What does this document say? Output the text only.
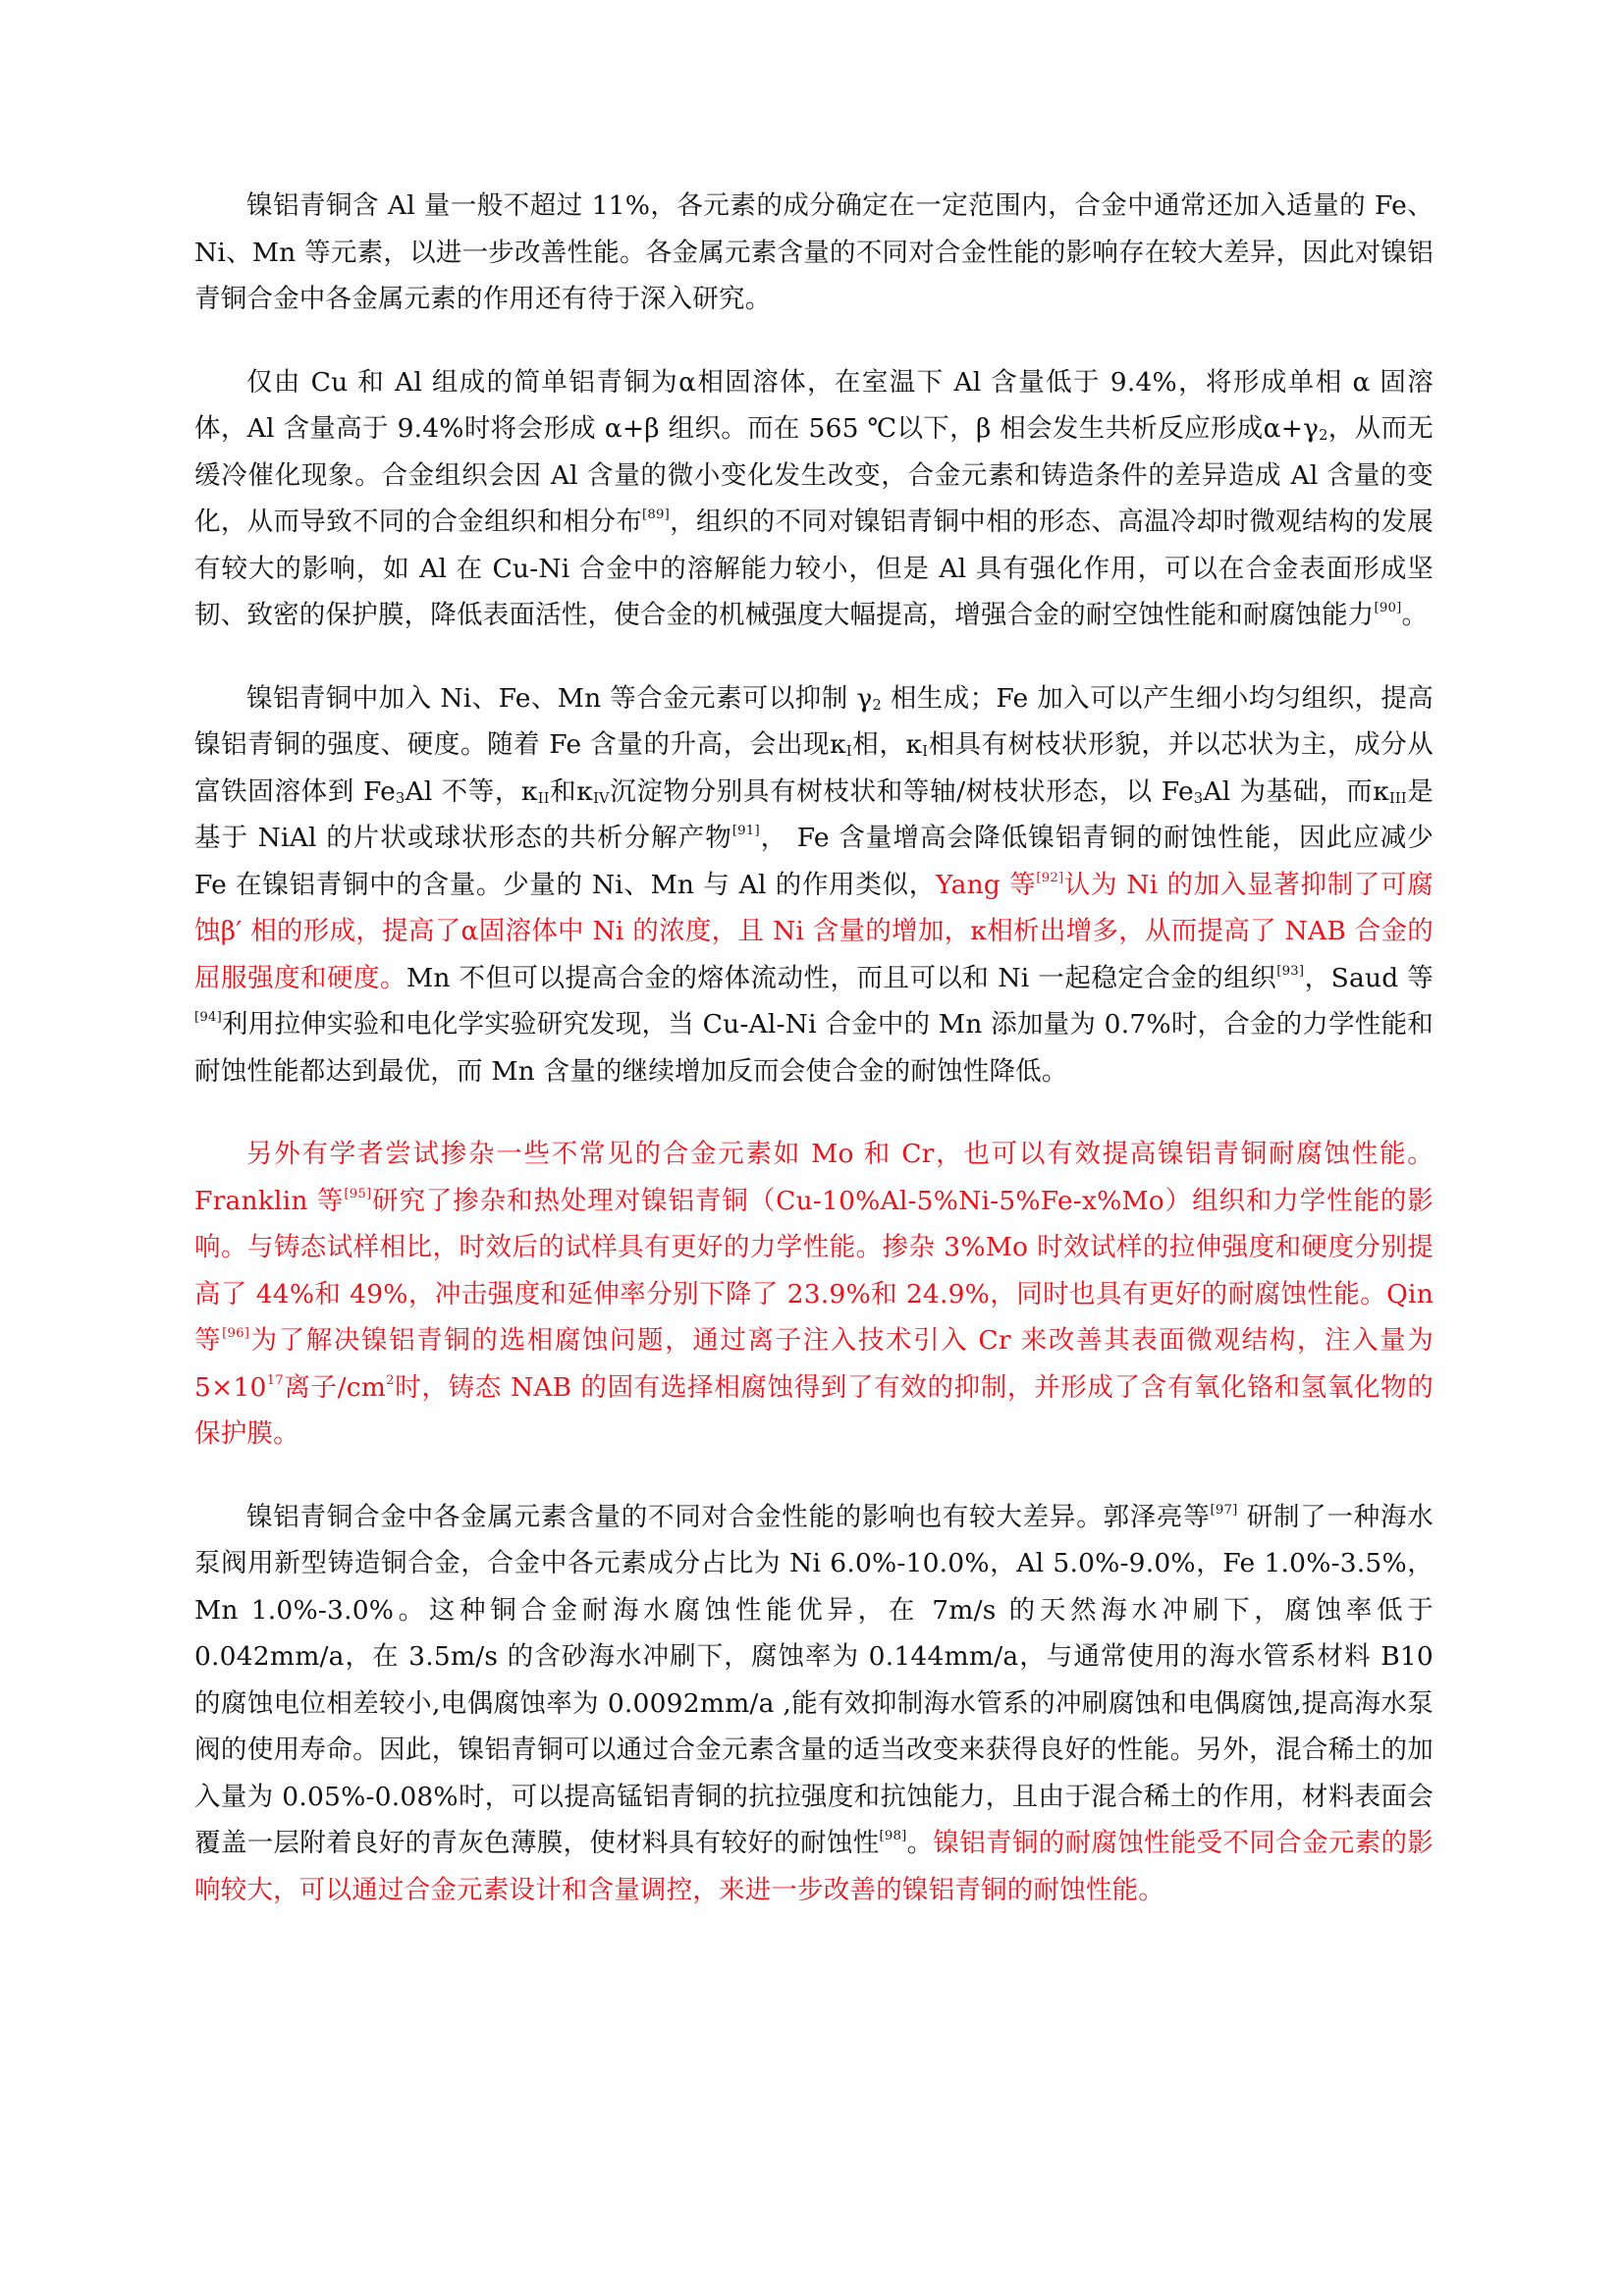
镍铝青铜含 Al 量一般不超过 11%，各元素的成分确定在一定范围内，合金中通常还加入适量的 Fe、Ni、Mn 等元素，以进一步改善性能。各金属元素含量的不同对合金性能的影响存在较大差异，因此对镍铝青铜合金中各金属元素的作用还有待于深入研究。

仅由 Cu 和 Al 组成的简单铝青铜为α相固溶体，在室温下 Al 含量低于 9.4%，将形成单相 α 固溶体，Al 含量高于 9.4%时将会形成 α+β 组织。而在 565 ℃以下，β 相会发生共析反应形成$\alpha+\gamma_2$，从而无缓冷催化现象。合金组织会因 Al 含量的微小变化发生改变，合金元素和铸造条件的差异造成 Al 含量的变化，从而导致不同的合金组织和相分布[89]，组织的不同对镍铝青铜中相的形态、高温冷却时微观结构的发展有较大的影响，如 Al 在 Cu-Ni 合金中的溶解能力较小，但是 Al 具有强化作用，可以在合金表面形成坚韧、致密的保护膜，降低表面活性，使合金的机械强度大幅提高，增强合金的耐空蚀性能和耐腐蚀能力[90]。

镍铝青铜中加入 Ni、Fe、Mn 等合金元素可以抑制 $\gamma_2$ 相生成；Fe 加入可以产生细小均匀组织，提高镍铝青铜的强度、硬度。随着 Fe 含量的升高，会出现$\kappa_I$相，$\kappa_I$相具有树枝状形貌，并以芯状为主，成分从富铁固溶体到 $Fe_3Al$ 不等，$\kappa_{II}$和$\kappa_{IV}$沉淀物分别具有树枝状和等轴/树枝状形态，以 $Fe_3Al$ 为基础，而$\kappa_{III}$是基于 NiAl 的片状或球状形态的共析分解产物[91]， Fe 含量增高会降低镍铝青铜的耐蚀性能，因此应减少 Fe 在镍铝青铜中的含量。少量的 Ni、Mn 与 Al 的作用类似，Yang 等[92]认为 Ni 的加入显著抑制了可腐蚀β′ 相的形成，提高了α固溶体中 Ni 的浓度，且 Ni 含量的增加，κ相析出增多，从而提高了 NAB 合金的屈服强度和硬度。Mn 不但可以提高合金的熔体流动性，而且可以和 Ni 一起稳定合金的组织[93]，Saud 等[94]利用拉伸实验和电化学实验研究发现，当 Cu-Al-Ni 合金中的 Mn 添加量为 0.7%时，合金的力学性能和耐蚀性能都达到最优，而 Mn 含量的继续增加反而会使合金的耐蚀性降低。

另外有学者尝试掺杂一些不常见的合金元素如 Mo 和 Cr，也可以有效提高镍铝青铜耐腐蚀性能。Franklin 等[95]研究了掺杂和热处理对镍铝青铜（Cu-10%Al-5%Ni-5%Fe-x%Mo）组织和力学性能的影响。与铸态试样相比，时效后的试样具有更好的力学性能。掺杂 3%Mo 时效试样的拉伸强度和硬度分别提高了 44%和 49%，冲击强度和延伸率分别下降了 23.9%和 24.9%，同时也具有更好的耐腐蚀性能。Qin 等[96]为了解决镍铝青铜的选相腐蚀问题，通过离子注入技术引入 Cr 来改善其表面微观结构，注入量为 $5\times 10^{17}$离子$/cm^2$时，铸态 NAB 的固有选择相腐蚀得到了有效的抑制，并形成了含有氧化铬和氢氧化物的保护膜。

镍铝青铜合金中各金属元素含量的不同对合金性能的影响也有较大差异。郭泽亮等[97] 研制了一种海水泵阀用新型铸造铜合金，合金中各元素成分占比为 Ni 6.0%-10.0%，Al 5.0%-9.0%，Fe 1.0%-3.5%，Mn 1.0%-3.0%。这种铜合金耐海水腐蚀性能优异，在 7m/s 的天然海水冲刷下，腐蚀率低于 0.042mm/a，在 3.5m/s 的含砂海水冲刷下，腐蚀率为 0.144mm/a，与通常使用的海水管系材料 B10 的腐蚀电位相差较小,电偶腐蚀率为 0.0092mm/a ,能有效抑制海水管系的冲刷腐蚀和电偶腐蚀,提高海水泵阀的使用寿命。因此，镍铝青铜可以通过合金元素含量的适当改变来获得良好的性能。另外，混合稀土的加入量为 0.05%-0.08%时，可以提高锰铝青铜的抗拉强度和抗蚀能力，且由于混合稀土的作用，材料表面会覆盖一层附着良好的青灰色薄膜，使材料具有较好的耐蚀性[98]。镍铝青铜的耐腐蚀性能受不同合金元素的影响较大，可以通过合金元素设计和含量调控，来进一步改善的镍铝青铜的耐蚀性能。
